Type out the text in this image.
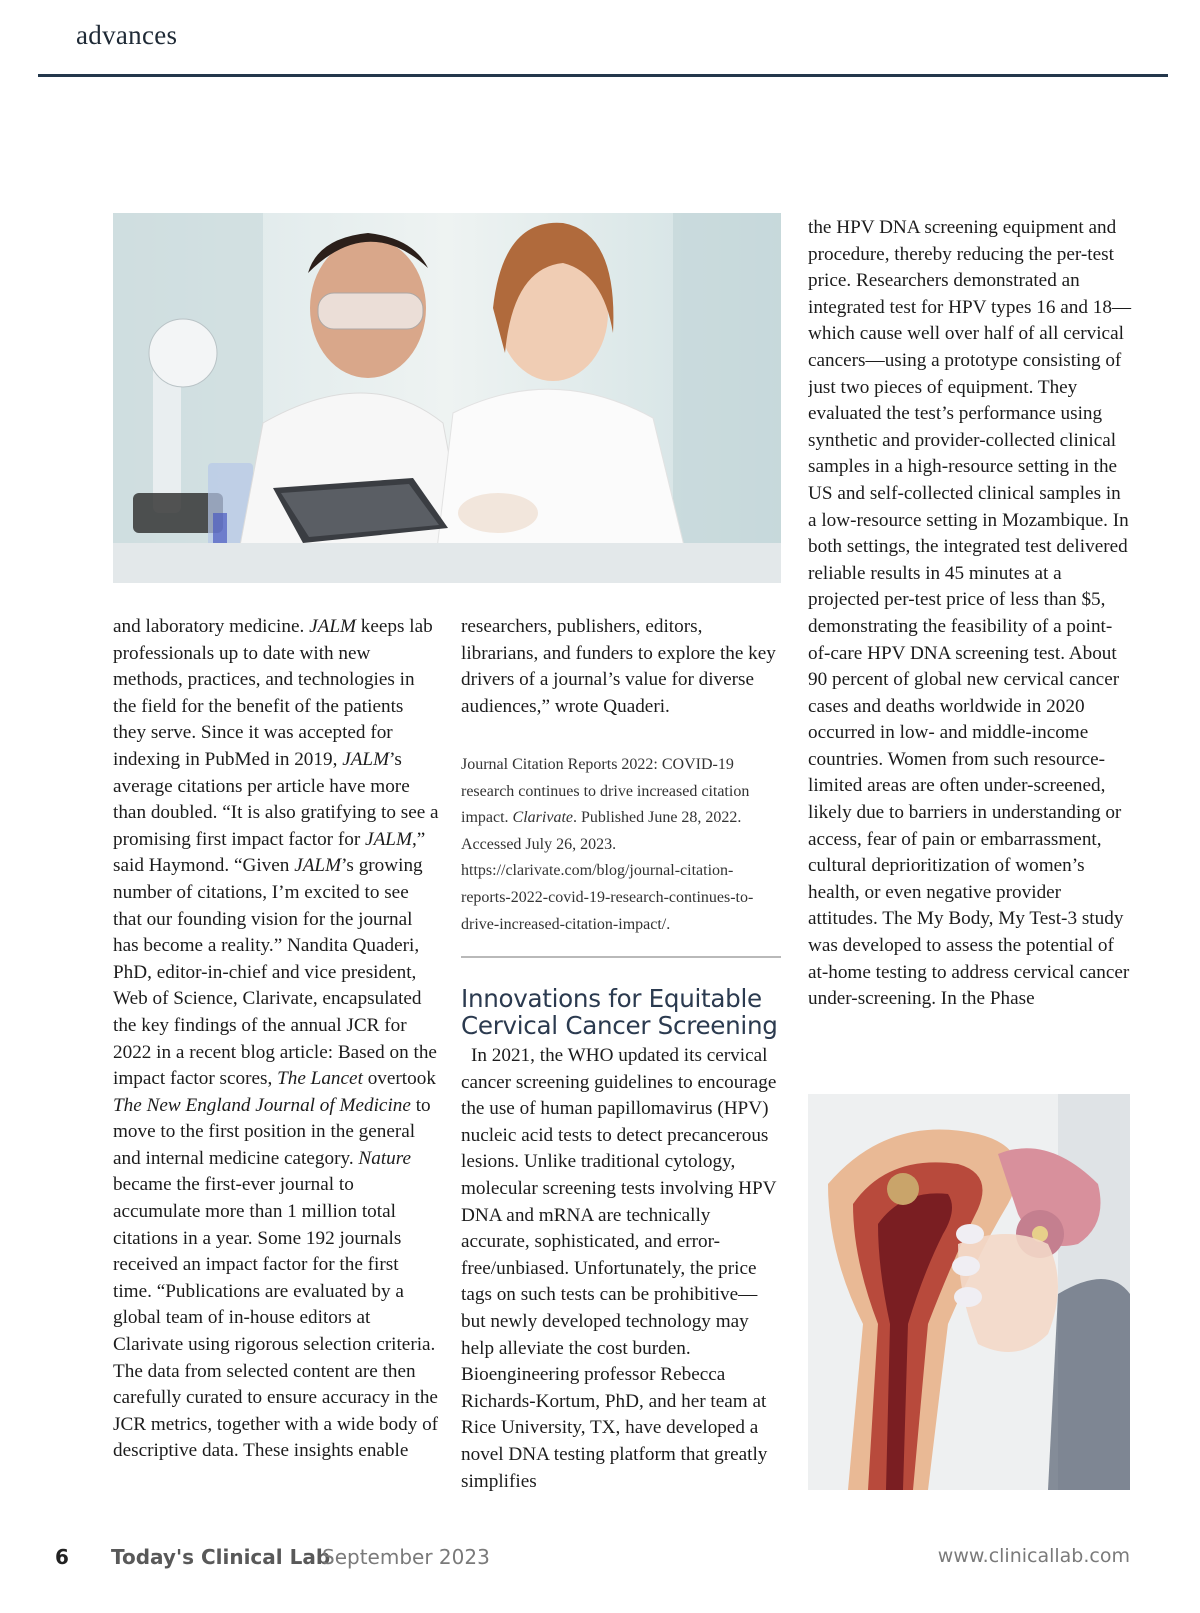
advances

and laboratory medicine. JALM keeps lab professionals up to date with new methods, practices, and technologies in the field for the benefit of the patients they serve. Since it was accepted for indexing in PubMed in 2019, JALM’s average citations per article have more than doubled. “It is also gratifying to see a promising first impact factor for JALM,” said Haymond. “Given JALM’s growing number of citations, I’m excited to see that our founding vision for the journal has become a reality.” Nandita Quaderi, PhD, editor-in-chief and vice president, Web of Science, Clarivate, encapsulated the key findings of the annual JCR for 2022 in a recent blog article: Based on the impact factor scores, The Lancet overtook The New England Journal of Medicine to move to the first position in the general and internal medicine category. Nature became the first-ever journal to accumulate more than 1 million total citations in a year. Some 192 journals received an impact factor for the first time. “Publications are evaluated by a global team of in-house editors at Clarivate using rigorous selection criteria. The data from selected content are then carefully curated to ensure accuracy in the JCR metrics, together with a wide body of descriptive data. These insights enable

researchers, publishers, editors, librarians, and funders to explore the key drivers of a journal’s value for diverse audiences,” wrote Quaderi.

Journal Citation Reports 2022: COVID-19 research continues to drive increased citation impact. Clarivate. Published June 28, 2022. Accessed July 26, 2023. https://clarivate.com/blog/journal-citation-reports-2022-covid-19-research-continues-to-drive-increased-citation-impact/.
Innovations for Equitable Cervical Cancer Screening

In 2021, the WHO updated its cervical cancer screening guidelines to encourage the use of human papillomavirus (HPV) nucleic acid tests to detect precancerous lesions. Unlike traditional cytology, molecular screening tests involving HPV DNA and mRNA are technically accurate, sophisticated, and error-free/unbiased. Unfortunately, the price tags on such tests can be prohibitive—but newly developed technology may help alleviate the cost burden. Bioengineering professor Rebecca Richards-Kortum, PhD, and her team at Rice University, TX, have developed a novel DNA testing platform that greatly simplifies

the HPV DNA screening equipment and procedure, thereby reducing the per-test price. Researchers demonstrated an integrated test for HPV types 16 and 18—which cause well over half of all cervical cancers—using a prototype consisting of just two pieces of equipment. They evaluated the test’s performance using synthetic and provider-collected clinical samples in a high-resource setting in the US and self-collected clinical samples in a low-resource setting in Mozambique. In both settings, the integrated test delivered reliable results in 45 minutes at a projected per-test price of less than $5, demonstrating the feasibility of a point-of-care HPV DNA screening test. About 90 percent of global new cervical cancer cases and deaths worldwide in 2020 occurred in low- and middle-income countries. Women from such resource-limited areas are often under-screened, likely due to barriers in understanding or access, fear of pain or embarrassment, cultural deprioritization of women’s health, or even negative provider attitudes. The My Body, My Test-3 study was developed to assess the potential of at-home testing to address cervical cancer under-screening. In the Phase

6 Today's Clinical Lab
September 2023	www.clinicallab.com
